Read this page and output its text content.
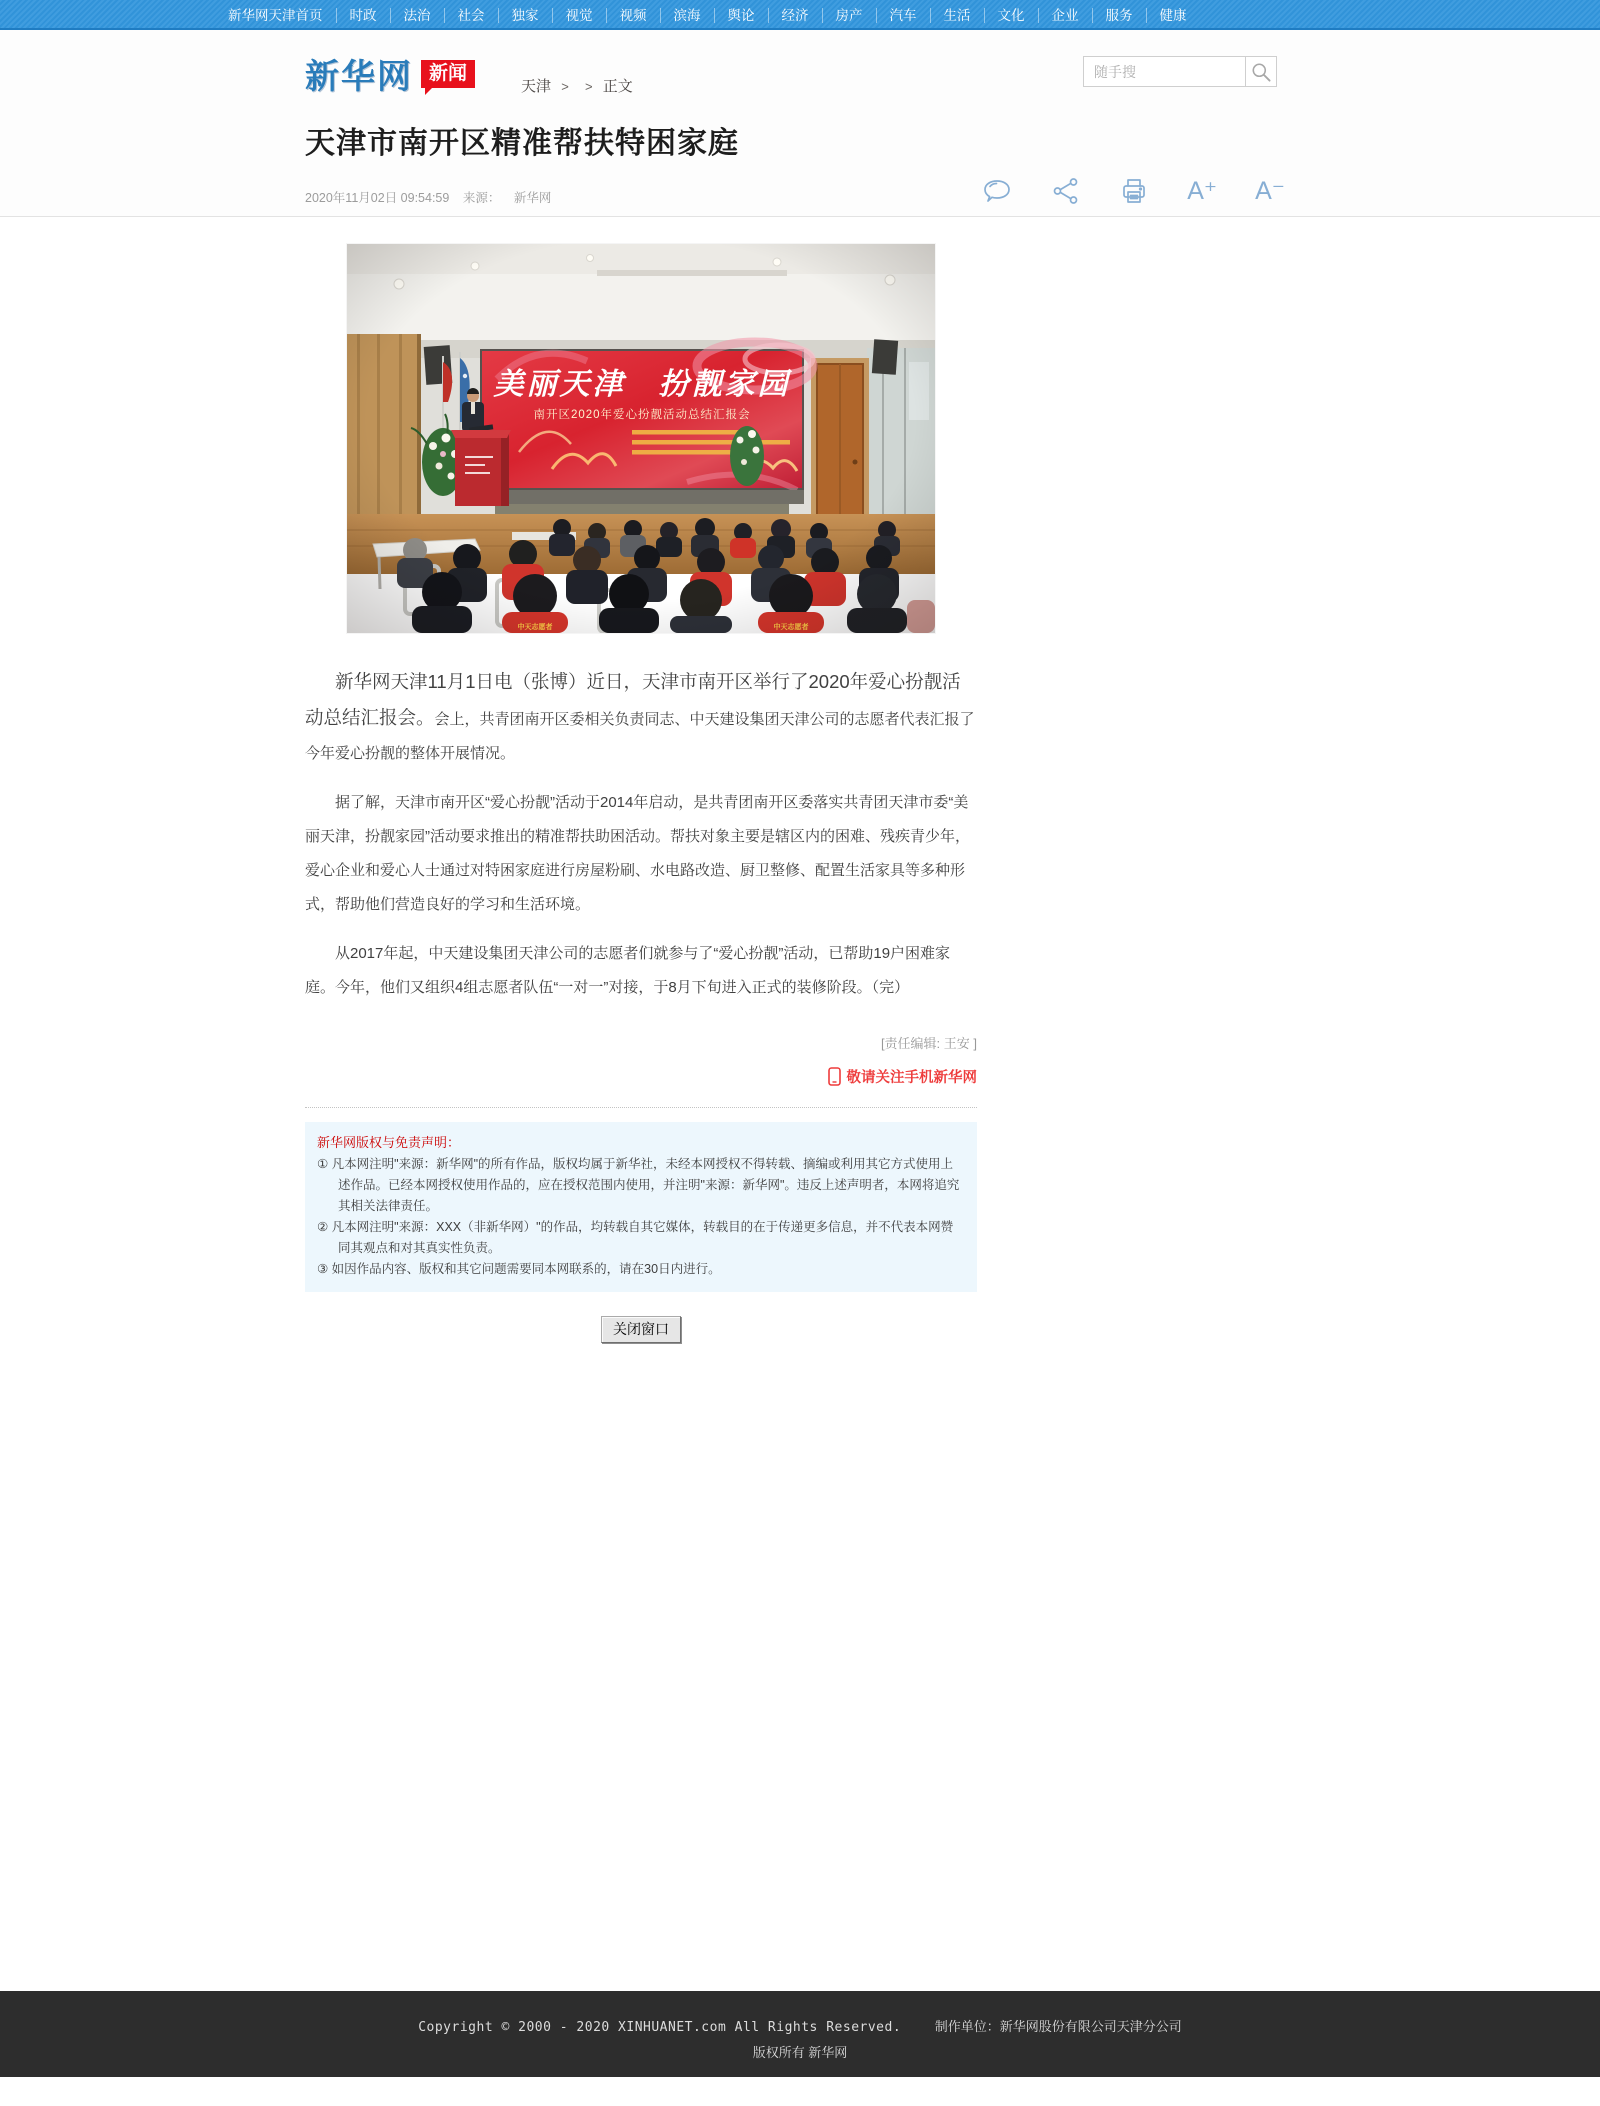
新华网天津首页	时政	法治	社会	独家	视觉	视频	滨海	舆论	经济	房产	汽车	生活	文化	企业	服务	健康
新华网 新闻
天津 > > 正文
随手搜
天津市南开区精准帮扶特困家庭
2020年11月02日 09:54:59 来源： 新华网	A⁺ A⁻

新华网天津11月1日电（张博）近日，天津市南开区举行了2020年爱心扮靓活动总结汇报会。会上，共青团南开区委相关负责同志、中天建设集团天津公司的志愿者代表汇报了今年爱心扮靓的整体开展情况。

据了解，天津市南开区“爱心扮靓”活动于2014年启动，是共青团南开区委落实共青团天津市委“美丽天津，扮靓家园”活动要求推出的精准帮扶助困活动。帮扶对象主要是辖区内的困难、残疾青少年，爱心企业和爱心人士通过对特困家庭进行房屋粉刷、水电路改造、厨卫整修、配置生活家具等多种形式，帮助他们营造良好的学习和生活环境。

从2017年起，中天建设集团天津公司的志愿者们就参与了“爱心扮靓”活动，已帮助19户困难家庭。今年，他们又组织4组志愿者队伍“一对一”对接，于8月下旬进入正式的装修阶段。（完）

[责任编辑: 王安 ]
敬请关注手机新华网
新华网版权与免责声明：
① 凡本网注明"来源：新华网"的所有作品，版权均属于新华社，未经本网授权不得转载、摘编或利用其它方式使用上述作品。已经本网授权使用作品的，应在授权范围内使用，并注明"来源：新华网"。违反上述声明者，本网将追究其相关法律责任。
② 凡本网注明"来源：XXX（非新华网）"的作品，均转载自其它媒体，转载目的在于传递更多信息，并不代表本网赞同其观点和对其真实性负责。
③ 如因作品内容、版权和其它问题需要同本网联系的，请在30日内进行。
关闭窗口
Copyright © 2000 - 2020 XINHUANET.com All Rights Reserved.	制作单位：新华网股份有限公司天津分公司
版权所有 新华网
